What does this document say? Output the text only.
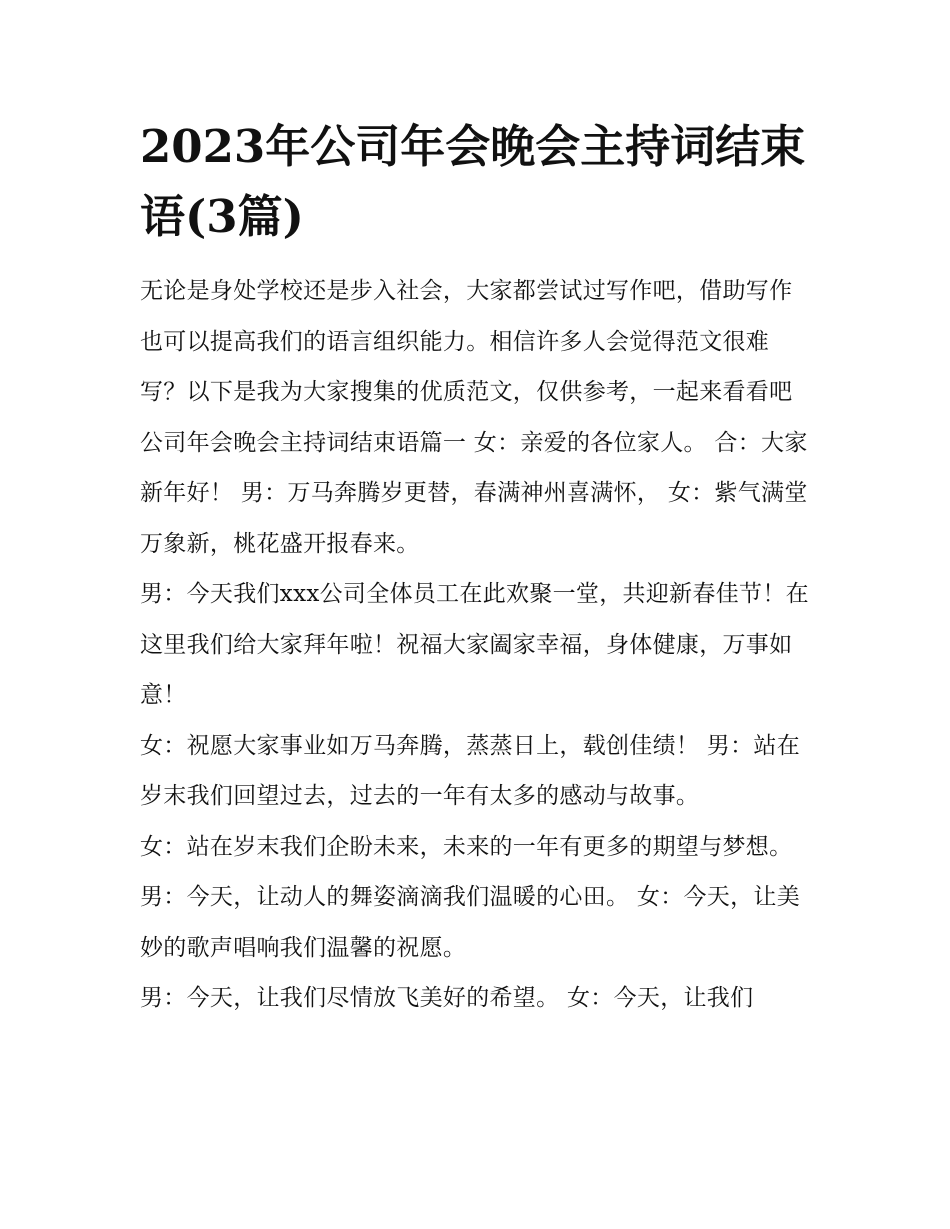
2023年公司年会晚会主持词结束语(3篇)

无论是身处学校还是步入社会，大家都尝试过写作吧，借助写作也可以提高我们的语言组织能力。相信许多人会觉得范文很难写？以下是我为大家搜集的优质范文，仅供参考，一起来看看吧

公司年会晚会主持词结束语篇一 女：亲爱的各位家人。 合：大家新年好！ 男：万马奔腾岁更替，春满神州喜满怀， 女：紫气满堂万象新，桃花盛开报春来。

男：今天我们xxx公司全体员工在此欢聚一堂，共迎新春佳节！在这里我们给大家拜年啦！祝福大家阖家幸福，身体健康，万事如意！

女：祝愿大家事业如万马奔腾，蒸蒸日上，载创佳绩！ 男：站在岁末我们回望过去，过去的一年有太多的感动与故事。

女：站在岁末我们企盼未来，未来的一年有更多的期望与梦想。 男：今天，让动人的舞姿滴滴我们温暖的心田。 女：今天，让美妙的歌声唱响我们温馨的祝愿。

男：今天，让我们尽情放飞美好的希望。 女：今天，让我们
